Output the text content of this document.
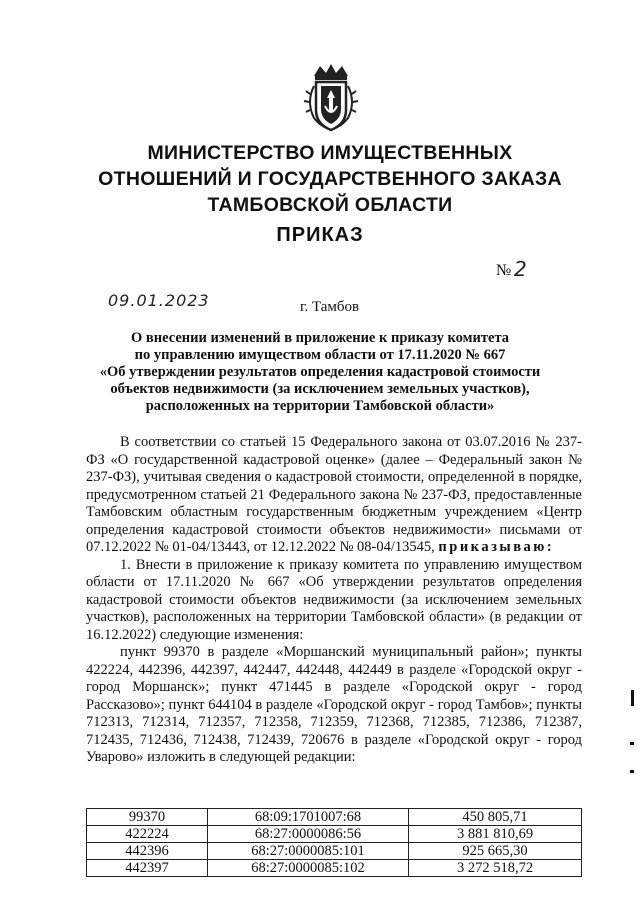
МИНИСТЕРСТВО ИМУЩЕСТВЕННЫХ
ОТНОШЕНИЙ И ГОСУДАРСТВЕННОГО ЗАКАЗА
ТАМБОВСКОЙ ОБЛАСТИ
ПРИКАЗ
№ 2
09.01.2023	г. Тамбов
О внесении изменений в приложение к приказу комитета
по управлению имуществом области от 17.11.2020 № 667
«Об утверждении результатов определения кадастровой стоимости
объектов недвижимости (за исключением земельных участков),
расположенных на территории Тамбовской области»

В соответствии со статьей 15 Федерального закона от 03.07.2016 № 237-ФЗ «О государственной кадастровой оценке» (далее – Федеральный закон № 237-ФЗ), учитывая сведения о кадастровой стоимости, определенной в порядке, предусмотренном статьей 21 Федерального закона № 237-ФЗ, предоставленные Тамбовским областным государственным бюджетным учреждением «Центр определения кадастровой стоимости объектов недвижимости» письмами от 07.12.2022 № 01-04/13443, от 12.12.2022 № 08-04/13545, приказываю:

1. Внести в приложение к приказу комитета по управлению имуществом области от 17.11.2020 № 667 «Об утверждении результатов определения кадастровой стоимости объектов недвижимости (за исключением земельных участков), расположенных на территории Тамбовской области» (в редакции от 16.12.2022) следующие изменения:

пункт 99370 в разделе «Моршанский муниципальный район»; пункты 422224, 442396, 442397, 442447, 442448, 442449 в разделе «Городской округ - город Моршанск»; пункт 471445 в разделе «Городской округ - город Рассказово»; пункт 644104 в разделе «Городской округ - город Тамбов»; пункты 712313, 712314, 712357, 712358, 712359, 712368, 712385, 712386, 712387, 712435, 712436, 712438, 712439, 720676 в разделе «Городской округ - город Уварово» изложить в следующей редакции:

99370	68:09:1701007:68	450 805,71
422224	68:27:0000086:56	3 881 810,69
442396	68:27:0000085:101	925 665,30
442397	68:27:0000085:102	3 272 518,72
